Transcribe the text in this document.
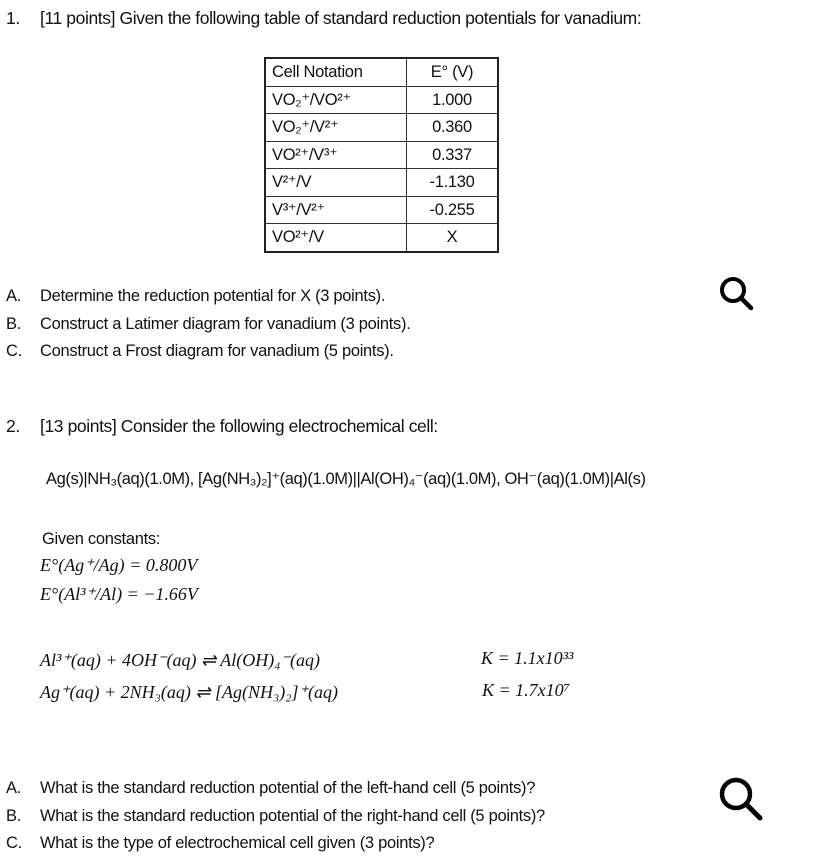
1. [11 points] Given the following table of standard reduction potentials for vanadium:
Cell Notation	E° (V)
VO₂⁺/VO²⁺	1.000
VO₂⁺/V²⁺	0.360
VO²⁺/V³⁺	0.337
V²⁺/V	-1.130
V³⁺/V²⁺	-0.255
VO²⁺/V	X
A. Determine the reduction potential for X (3 points).
B. Construct a Latimer diagram for vanadium (3 points).
C. Construct a Frost diagram for vanadium (5 points).
2. [13 points] Consider the following electrochemical cell:
Ag(s)|NH₃(aq)(1.0M), [Ag(NH₃)₂]⁺(aq)(1.0M)||Al(OH)₄⁻(aq)(1.0M), OH⁻(aq)(1.0M)|Al(s)
Given constants:
E°(Ag⁺/Ag) = 0.800V
E°(Al³⁺/Al) = −1.66V
Al³⁺(aq) + 4OH⁻(aq) ⇌ Al(OH)₄⁻(aq)	K = 1.1x10³³
Ag⁺(aq) + 2NH₃(aq) ⇌ [Ag(NH₃)₂]⁺(aq)	K = 1.7x10⁷
A. What is the standard reduction potential of the left-hand cell (5 points)?
B. What is the standard reduction potential of the right-hand cell (5 points)?
C. What is the type of electrochemical cell given (3 points)?
